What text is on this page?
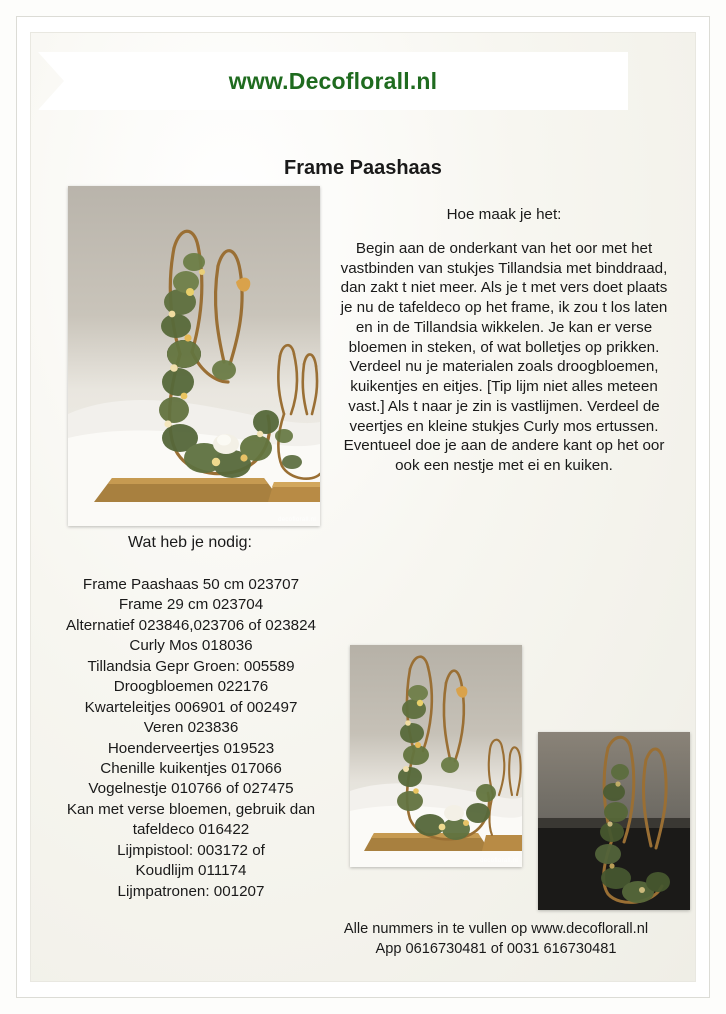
www.Decoflorall.nl
Frame Paashaas
decoflorall.nl

Hoe maak je het:

Begin aan de onderkant van het oor met het vastbinden van stukjes Tillandsia met binddraad, dan zakt t niet meer. Als je t met vers doet plaats je nu de tafeldeco op het frame, ik zou t los laten en in de Tillandsia wikkelen. Je kan er verse bloemen in steken, of wat bolletjes op prikken. Verdeel nu je materialen zoals droogbloemen, kuikentjes en eitjes. [Tip lijm niet alles meteen vast.] Als t naar je zin is vastlijmen. Verdeel de veertjes en kleine stukjes Curly mos ertussen. Eventueel doe je aan de andere kant op het oor ook een nestje met ei en kuiken.

Wat heb je nodig:
Frame Paashaas 50 cm 023707
Frame 29 cm 023704
Alternatief 023846,023706 of 023824
Curly Mos 018036
Tillandsia Gepr Groen: 005589
Droogbloemen 022176
Kwarteleitjes 006901 of 002497
Veren 023836
Hoenderveertjes 019523
Chenille kuikentjes 017066
Vogelnestje 010766 of 027475
Kan met verse bloemen, gebruik dan tafeldeco 016422
Lijmpistool: 003172 of
Koudlijm 011174
Lijmpatronen: 001207
decoflorall.nl
Alle nummers in te vullen op www.decoflorall.nl
App 0616730481 of 0031 616730481
